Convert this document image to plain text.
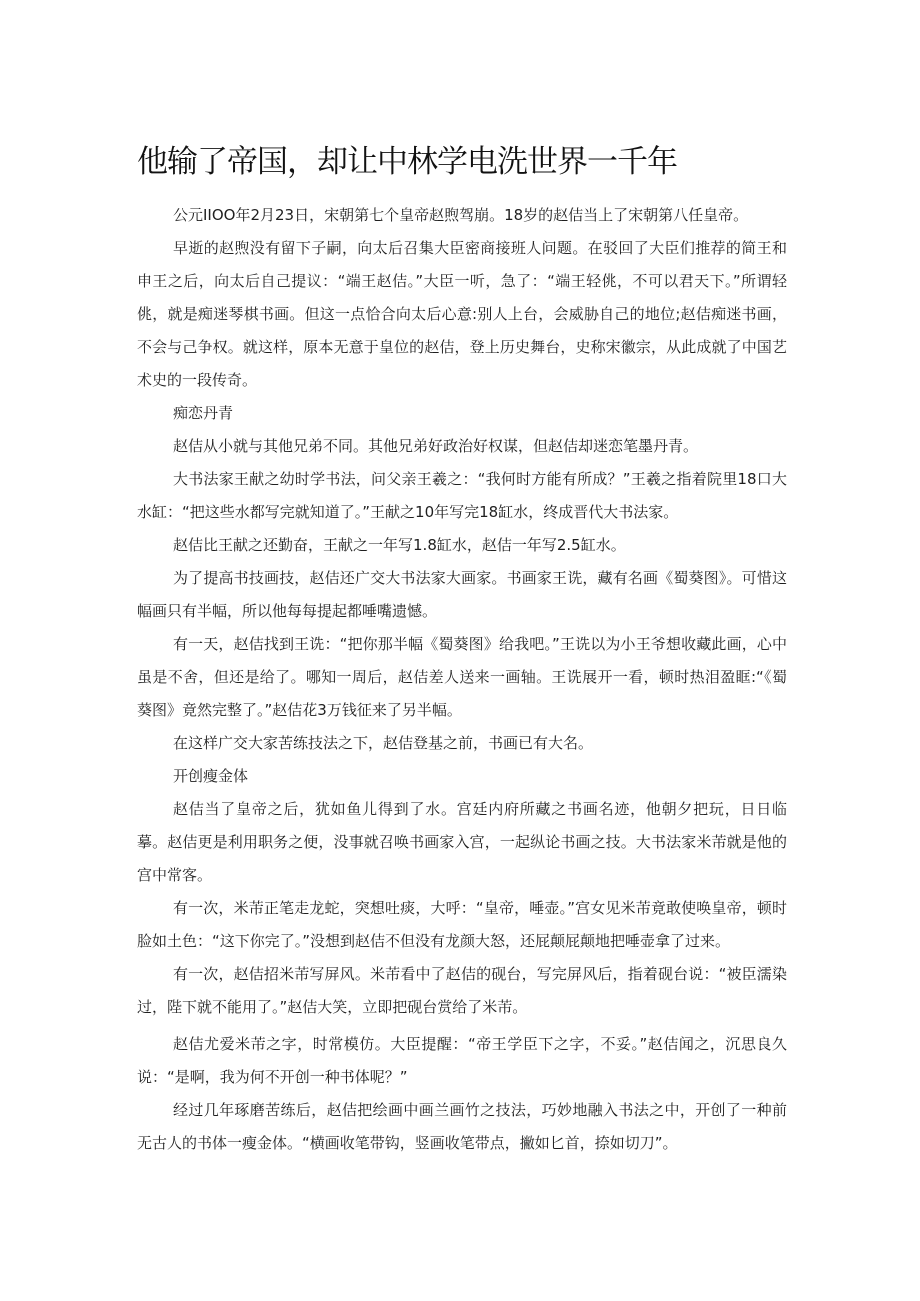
他输了帝国，却让中林学电洗世界一千年

公元IIOO年2月23日，宋朝第七个皇帝赵煦驾崩。18岁的赵佶当上了宋朝第八任皇帝。

早逝的赵煦没有留下子嗣，向太后召集大臣密商接班人问题。在驳回了大臣们推荐的简王和申王之后，向太后自己提议：“端王赵佶。”大臣一听，急了：“端王轻佻，不可以君天下。”所谓轻佻，就是痴迷琴棋书画。但这一点恰合向太后心意:别人上台，会威胁自己的地位;赵佶痴迷书画，不会与己争权。就这样，原本无意于皇位的赵佶，登上历史舞台，史称宋徽宗，从此成就了中国艺术史的一段传奇。

痴恋丹青

赵佶从小就与其他兄弟不同。其他兄弟好政治好权谋，但赵佶却迷恋笔墨丹青。

大书法家王献之幼时学书法，问父亲王羲之：“我何时方能有所成？”王羲之指着院里18口大水缸：“把这些水都写完就知道了。”王献之10年写完18缸水，终成晋代大书法家。

赵佶比王献之还勤奋，王献之一年写1.8缸水，赵佶一年写2.5缸水。

为了提高书技画技，赵佶还广交大书法家大画家。书画家王诜，藏有名画《蜀葵图》。可惜这幅画只有半幅，所以他每每提起都唾嘴遗憾。

有一天，赵佶找到王诜：“把你那半幅《蜀葵图》给我吧。”王诜以为小王爷想收藏此画，心中虽是不舍，但还是给了。哪知一周后，赵佶差人送来一画轴。王诜展开一看，顿时热泪盈眶:“《蜀葵图》竟然完整了。”赵佶花3万钱征来了另半幅。

在这样广交大家苦练技法之下，赵佶登基之前，书画已有大名。

开创瘦金体

赵佶当了皇帝之后，犹如鱼儿得到了水。宫廷内府所藏之书画名迹，他朝夕把玩，日日临摹。赵佶更是利用职务之便，没事就召唤书画家入宫，一起纵论书画之技。大书法家米芾就是他的宫中常客。

有一次，米芾正笔走龙蛇，突想吐痰，大呼：“皇帝，唾壶。”宫女见米芾竟敢使唤皇帝，顿时脸如土色：“这下你完了。”没想到赵佶不但没有龙颜大怒，还屁颠屁颠地把唾壶拿了过来。

有一次，赵佶招米芾写屏风。米芾看中了赵佶的砚台，写完屏风后，指着砚台说：“被臣濡染过，陛下就不能用了。”赵佶大笑，立即把砚台赏给了米芾。

赵佶尤爱米芾之字，时常模仿。大臣提醒：“帝王学臣下之字，不妥。”赵佶闻之，沉思良久说：“是啊，我为何不开创一种书体呢？”

经过几年琢磨苦练后，赵佶把绘画中画兰画竹之技法，巧妙地融入书法之中，开创了一种前无古人的书体一瘦金体。“横画收笔带钩，竖画收笔带点，撇如匕首，捺如切刀”。
